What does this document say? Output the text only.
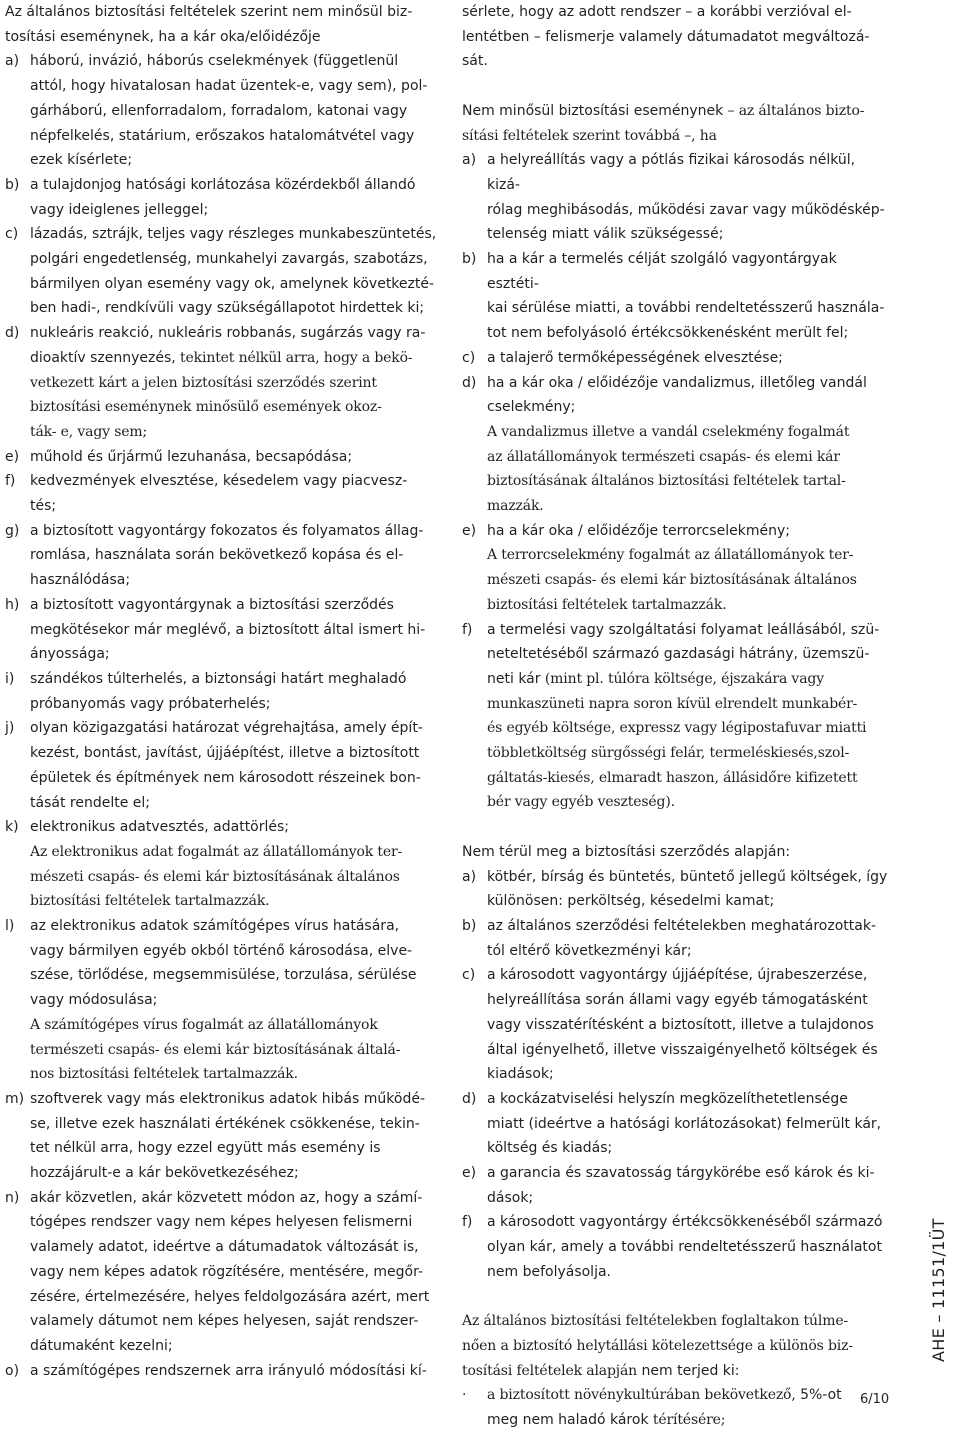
Az általános biztosítási feltételek szerint nem minősül biz-
tosítási eseménynek, ha a kár oka/előidézője
a) háború, invázió, háborús cselekmények (függetlenül
attól, hogy hivatalosan hadat üzentek-e, vagy sem), pol-
gárháború, ellenforradalom, forradalom, katonai vagy
népfelkelés, statárium, erőszakos hatalomátvétel vagy
ezek kísérlete;
b) a tulajdonjog hatósági korlátozása közérdekből állandó
vagy ideiglenes jelleggel;
c) lázadás, sztrájk, teljes vagy részleges munkabeszüntetés,
polgári engedetlenség, munkahelyi zavargás, szabotázs,
bármilyen olyan esemény vagy ok, amelynek következté-
ben hadi-, rendkívüli vagy szükségállapotot hirdettek ki;
d) nukleáris reakció, nukleáris robbanás, sugárzás vagy ra-
dioaktív szennyezés, tekintet nélkül arra, hogy a bekö-
vetkezett kárt a jelen biztosítási szerződés szerint
biztosítási eseménynek minősülő események okoz-
ták- e, vagy sem;
e) műhold és űrjármű lezuhanása, becsapódása;
f) kedvezmények elvesztése, késedelem vagy piacvesz-
tés;
g) a biztosított vagyontárgy fokozatos és folyamatos állag-
romlása, használata során bekövetkező kopása és el-
használódása;
h) a biztosított vagyontárgynak a biztosítási szerződés
megkötésekor már meglévő, a biztosított által ismert hi-
ányossága;
i) szándékos túlterhelés, a biztonsági határt meghaladó
próbanyomás vagy próbaterhelés;
j) olyan közigazgatási határozat végrehajtása, amely épít-
kezést, bontást, javítást, újjáépítést, illetve a biztosított
épületek és építmények nem károsodott részeinek bon-
tását rendelte el;
k) elektronikus adatvesztés, adattörlés;
Az elektronikus adat fogalmát az állatállományok ter-
mészeti csapás- és elemi kár biztosításának általános
biztosítási feltételek tartalmazzák.
l) az elektronikus adatok számítógépes vírus hatására,
vagy bármilyen egyéb okból történő károsodása, elve-
szése, törlődése, megsemmisülése, torzulása, sérülése
vagy módosulása;
A számítógépes vírus fogalmát az állatállományok
természeti csapás- és elemi kár biztosításának általá-
nos biztosítási feltételek tartalmazzák.
m) szoftverek vagy más elektronikus adatok hibás működé-
se, illetve ezek használati értékének csökkenése, tekin-
tet nélkül arra, hogy ezzel együtt más esemény is
hozzájárult-e a kár bekövetkezéséhez;
n) akár közvetlen, akár közvetett módon az, hogy a számí-
tógépes rendszer vagy nem képes helyesen felismerni
valamely adatot, ideértve a dátumadatok változását is,
vagy nem képes adatok rögzítésére, mentésére, megőr-
zésére, értelmezésére, helyes feldolgozására azért, mert
valamely dátumot nem képes helyesen, saját rendszer-
dátumaként kezelni;
o) a számítógépes rendszernek arra irányuló módosítási kí-
sérlete, hogy az adott rendszer – a korábbi verzióval el-
lentétben – felismerje valamely dátumadatot megváltozá-
sát.
Nem minősül biztosítási eseménynek – az általános bizto-
sítási feltételek szerint továbbá –, ha
a) a helyreállítás vagy a pótlás fizikai károsodás nélkül, kizá-
rólag meghibásodás, működési zavar vagy működéskép-
telenség miatt válik szükségessé;
b) ha a kár a termelés célját szolgáló vagyontárgyak esztéti-
kai sérülése miatti, a további rendeltetésszerű használa-
tot nem befolyásoló értékcsökkenésként merült fel;
c) a talajerő termőképességének elvesztése;
d) ha a kár oka / előidézője vandalizmus, illetőleg vandál
cselekmény;
A vandalizmus illetve a vandál cselekmény fogalmát
az állatállományok természeti csapás- és elemi kár
biztosításának általános biztosítási feltételek tartal-
mazzák.
e) ha a kár oka / előidézője terrorcselekmény;
A terrorcselekmény fogalmát az állatállományok ter-
mészeti csapás- és elemi kár biztosításának általános
biztosítási feltételek tartalmazzák.
f) a termelési vagy szolgáltatási folyamat leállásából, szü-
neteltetéséből származó gazdasági hátrány, üzemszü-
neti kár (mint pl. túlóra költsége, éjszakára vagy
munkaszüneti napra soron kívül elrendelt munkabér-
és egyéb költsége, expressz vagy légipostafuvar miatti
többletköltség sürgősségi felár, termeléskiesés,szol-
gáltatás-kiesés, elmaradt haszon, állásidőre kifizetett
bér vagy egyéb veszteség).
Nem térül meg a biztosítási szerződés alapján:
a) kötbér, bírság és büntetés, büntető jellegű költségek, így
különösen: perköltség, késedelmi kamat;
b) az általános szerződési feltételekben meghatározottak-
tól eltérő következményi kár;
c) a károsodott vagyontárgy újjáépítése, újrabeszerzése,
helyreállítása során állami vagy egyéb támogatásként
vagy visszatérítésként a biztosított, illetve a tulajdonos
által igényelhető, illetve visszaigényelhető költségek és
kiadások;
d) a kockázatviselési helyszín megközelíthetetlensége
miatt (ideértve a hatósági korlátozásokat) felmerült kár,
költség és kiadás;
e) a garancia és szavatosság tárgykörébe eső károk és ki-
dások;
f) a károsodott vagyontárgy értékcsökkenéséből származó
olyan kár, amely a további rendeltetésszerű használatot
nem befolyásolja.
Az általános biztosítási feltételekben foglaltakon túlme-
nően a biztosító helytállási kötelezettsége a különös biz-
tosítási feltételek alapján nem terjed ki:
· a biztosított növénykultúrában bekövetkező, 5%-ot
meg nem haladó károk térítésére;
AHE – 11151/1ÜT
6/10
